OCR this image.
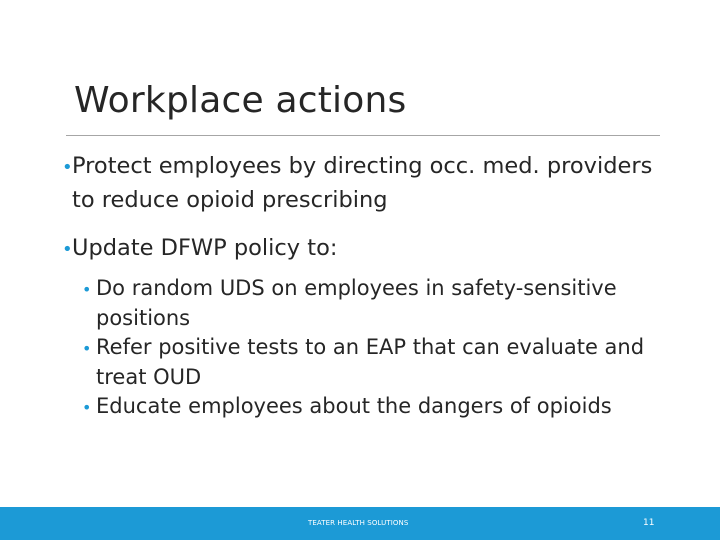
Workplace actions

•Protect employees by directing occ. med. providers to reduce opioid prescribing

•Update DFWP policy to:

• Do random UDS on employees in safety-sensitive positions

• Refer positive tests to an EAP that can evaluate and treat OUD

• Educate employees about the dangers of opioids

TEATER HEALTH SOLUTIONS	11
